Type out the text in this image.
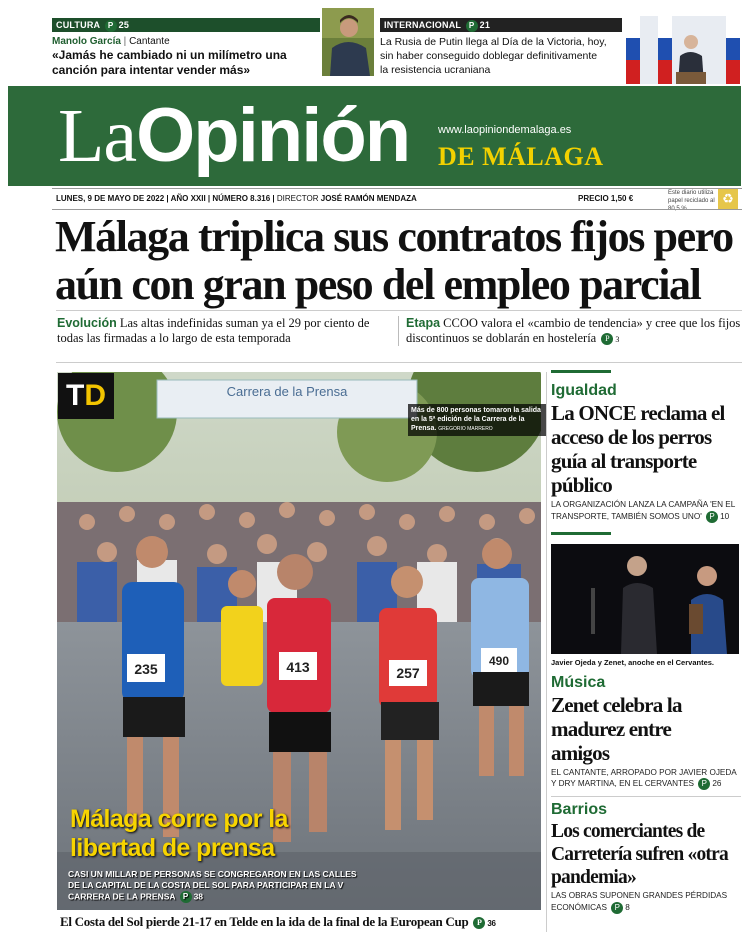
CULTURA P 25
Manolo García | Cantante
«Jamás he cambiado ni un milímetro una canción para intentar vender más»
INTERNACIONAL P 21
La Rusia de Putin llega al Día de la Victoria, hoy, sin haber conseguido doblegar definitivamente la resistencia ucraniana
LaOpinión	www.laopiniondemalaga.es
DE MÁLAGA
LUNES, 9 DE MAYO DE 2022 | AÑO XXII | NÚMERO 8.316 | DIRECTOR JOSÉ RAMÓN MENDAZA	PRECIO 1,50 €
Este diario utiliza
papel reciclado al ♻
Málaga triplica sus contratos fijos pero aún con gran peso del empleo parcial
Evolución Las altas indefinidas suman ya el 29 por ciento de todas las firmadas a lo largo de esta temporada
Etapa CCOO valora el «cambio de tendencia» y cree que los fijos discontinuos se doblarán en hostelería P 3
Carrera de la Prensa
235	413	257
490
TD	Más de 800 personas tomaron la salida en la 5ª edición de la Carrera de la Prensa. GREGORIO MARRERO
Málaga corre por la
libertad de prensa
CASI UN MILLAR DE PERSONAS SE CONGREGARON EN LAS CALLES DE LA CAPITAL DE LA COSTA DEL SOL PARA PARTICIPAR EN LA V CARRERA DE LA PRENSA P 38
El Costa del Sol pierde 21-17 en Telde en la ida de la final de la European Cup P 36
Igualdad
La ONCE reclama el acceso de los perros guía al transporte público
LA ORGANIZACIÓN LANZA LA CAMPAÑA 'EN EL TRANSPORTE, TAMBIÉN SOMOS UNO' P 10
Javier Ojeda y Zenet, anoche en el Cervantes.
Música
Zenet celebra la madurez entre amigos
EL CANTANTE, ARROPADO POR JAVIER OJEDA Y DRY MARTINA, EN EL CERVANTES P 26
Barrios
Los comerciantes de Carretería sufren «otra pandemia»
LAS OBRAS SUPONEN GRANDES PÉRDIDAS ECONÓMICAS P 8
